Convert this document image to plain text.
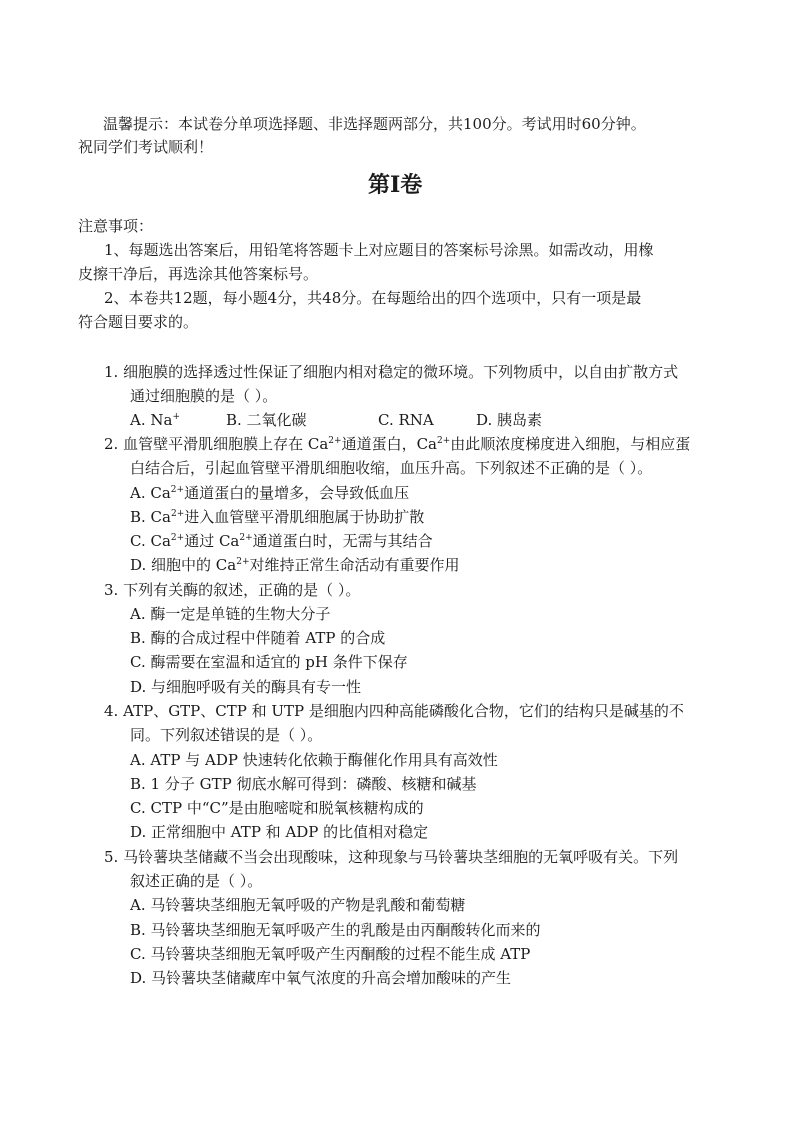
温馨提示：本试卷分单项选择题、非选择题两部分，共100分。考试用时60分钟。
祝同学们考试顺利！
第Ⅰ卷
注意事项：
1、每题选出答案后，用铅笔将答题卡上对应题目的答案标号涂黑。如需改动，用橡
皮擦干净后，再选涂其他答案标号。
2、本卷共12题，每小题4分，共48分。在每题给出的四个选项中，只有一项是最
符合题目要求的。
1. 细胞膜的选择透过性保证了细胞内相对稳定的微环境。下列物质中，以自由扩散方式
通过细胞膜的是（ ）。
A. Na+	B. 二氧化碳	C. RNA	D. 胰岛素
2. 血管壁平滑肌细胞膜上存在 $Ca^{2+}$通道蛋白，$Ca^{2+}$由此顺浓度梯度进入细胞，与相应蛋
白结合后，引起血管壁平滑肌细胞收缩，血压升高。下列叙述不正确的是（ ）。
A. $Ca^{2+}$通道蛋白的量增多，会导致低血压
B. $Ca^{2+}$进入血管壁平滑肌细胞属于协助扩散
C. $Ca^{2+}$通过 $Ca^{2+}$通道蛋白时，无需与其结合
D. 细胞中的 $Ca^{2+}$对维持正常生命活动有重要作用
3. 下列有关酶的叙述，正确的是（ ）。
A. 酶一定是单链的生物大分子
B. 酶的合成过程中伴随着 ATP 的合成
C. 酶需要在室温和适宜的 pH 条件下保存
D. 与细胞呼吸有关的酶具有专一性
4. ATP、GTP、CTP 和 UTP 是细胞内四种高能磷酸化合物，它们的结构只是碱基的不
同。下列叙述错误的是（ ）。
A. ATP 与 ADP 快速转化依赖于酶催化作用具有高效性
B. 1 分子 GTP 彻底水解可得到：磷酸、核糖和碱基
C. CTP 中“C”是由胞嘧啶和脱氧核糖构成的
D. 正常细胞中 ATP 和 ADP 的比值相对稳定
5. 马铃薯块茎储藏不当会出现酸味，这种现象与马铃薯块茎细胞的无氧呼吸有关。下列
叙述正确的是（ ）。
A. 马铃薯块茎细胞无氧呼吸的产物是乳酸和葡萄糖
B. 马铃薯块茎细胞无氧呼吸产生的乳酸是由丙酮酸转化而来的
C. 马铃薯块茎细胞无氧呼吸产生丙酮酸的过程不能生成 ATP
D. 马铃薯块茎储藏库中氧气浓度的升高会增加酸味的产生
